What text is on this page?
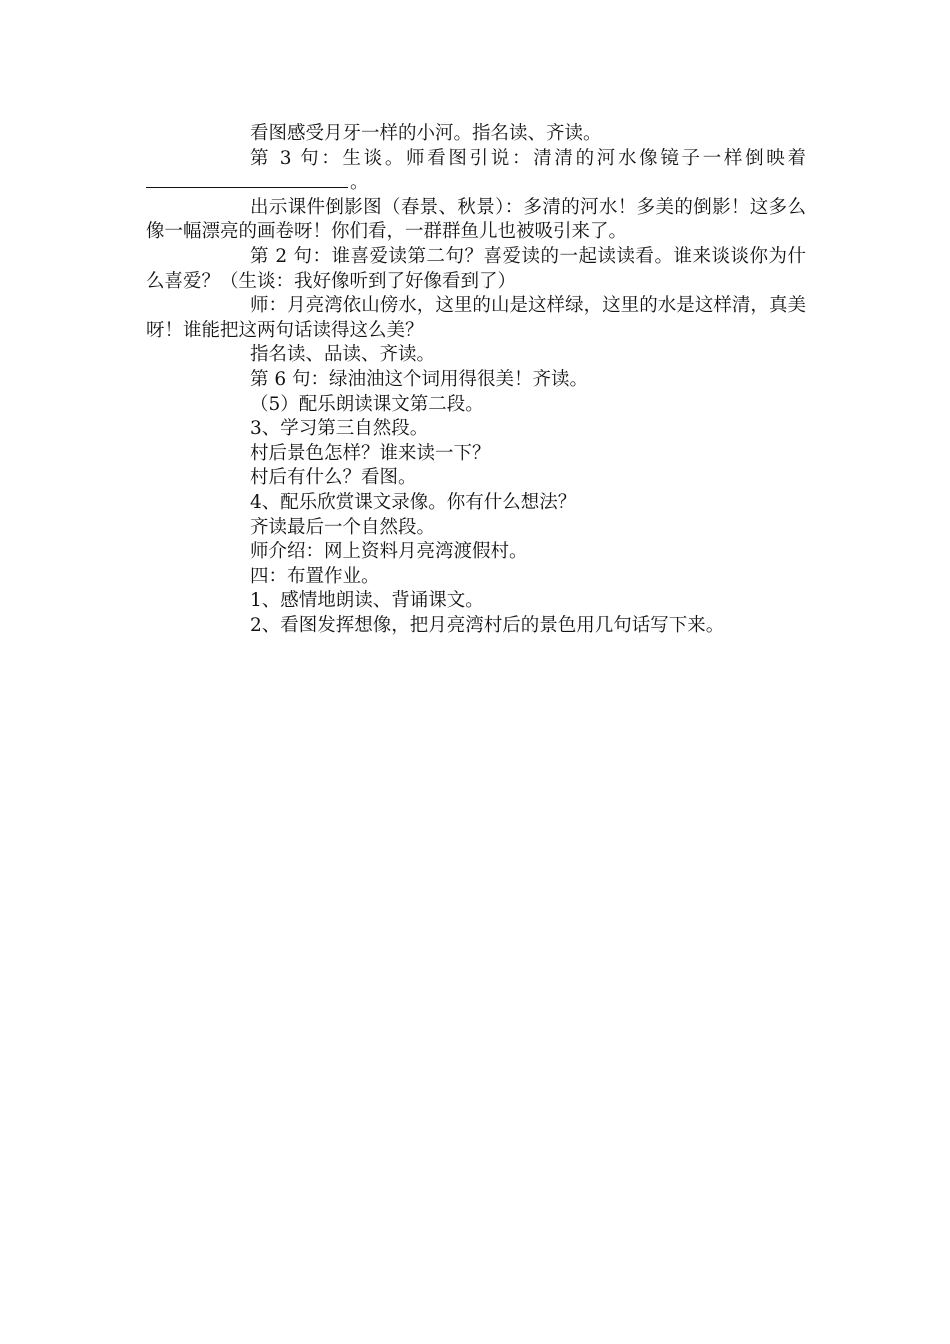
看图感受月牙一样的小河。指名读、齐读。

第 3 句：生谈。师看图引说：清清的河水像镜子一样倒映着。

出示课件倒影图（春景、秋景）：多清的河水！多美的倒影！这多么像一幅漂亮的画卷呀！你们看，一群群鱼儿也被吸引来了。

第 2 句：谁喜爱读第二句？喜爱读的一起读读看。谁来谈谈你为什么喜爱？（生谈：我好像听到了好像看到了）

师：月亮湾依山傍水，这里的山是这样绿，这里的水是这样清，真美呀！谁能把这两句话读得这么美？

指名读、品读、齐读。

第 6 句：绿油油这个词用得很美！齐读。

（5）配乐朗读课文第二段。

3、学习第三自然段。

村后景色怎样？谁来读一下？

村后有什么？看图。

4、配乐欣赏课文录像。你有什么想法？

齐读最后一个自然段。

师介绍：网上资料月亮湾渡假村。

四：布置作业。

1、感情地朗读、背诵课文。

2、看图发挥想像，把月亮湾村后的景色用几句话写下来。
